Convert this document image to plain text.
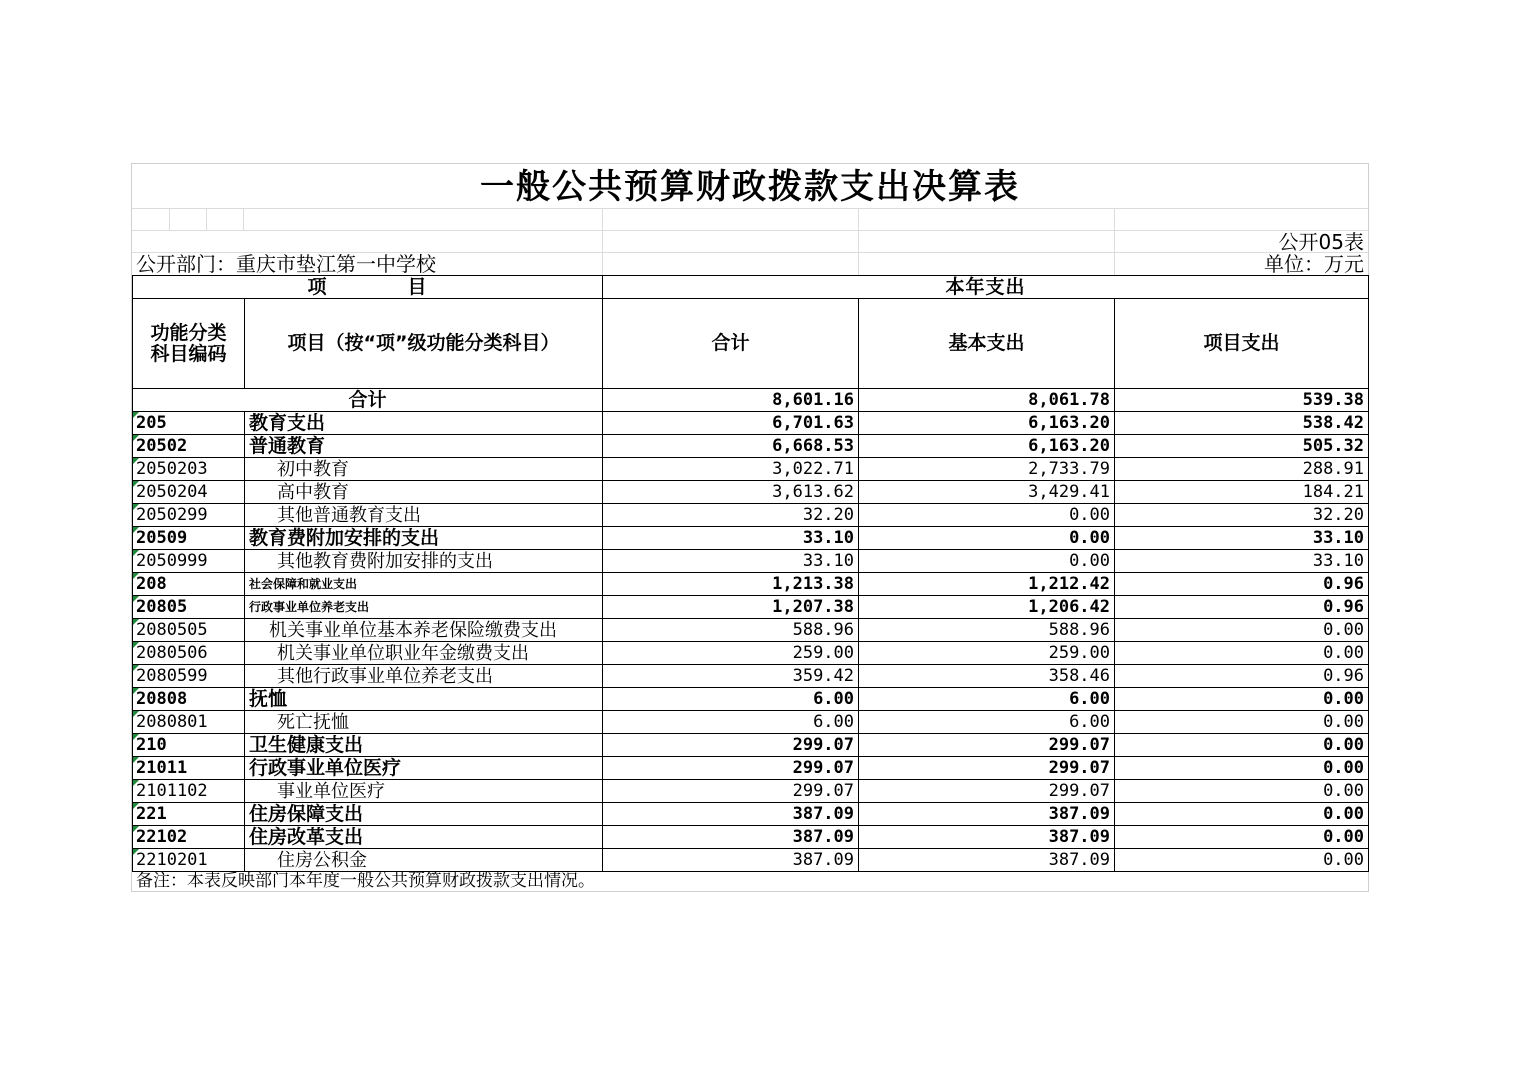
一般公共预算财政拨款支出决算表
公开05表
公开部门：重庆市垫江第一中学校	单位：万元
项　　　　目		本年支出		
功能分类科目编码	项目（按“项”级功能分类科目）	合计	基本支出	项目支出
合计		8,601.16	8,061.78	539.38
205	教育支出	6,701.63	6,163.20	538.42
20502	普通教育	6,668.53	6,163.20	505.32
2050203	初中教育	3,022.71	2,733.79	288.91
2050204	高中教育	3,613.62	3,429.41	184.21
2050299	其他普通教育支出	32.20	0.00	32.20
20509	教育费附加安排的支出	33.10	0.00	33.10
2050999	其他教育费附加安排的支出	33.10	0.00	33.10
208	社会保障和就业支出	1,213.38	1,212.42	0.96
20805	行政事业单位养老支出	1,207.38	1,206.42	0.96
2080505	机关事业单位基本养老保险缴费支出	588.96	588.96	0.00
2080506	机关事业单位职业年金缴费支出	259.00	259.00	0.00
2080599	其他行政事业单位养老支出	359.42	358.46	0.96
20808	抚恤	6.00	6.00	0.00
2080801	死亡抚恤	6.00	6.00	0.00
210	卫生健康支出	299.07	299.07	0.00
21011	行政事业单位医疗	299.07	299.07	0.00
2101102	事业单位医疗	299.07	299.07	0.00
221	住房保障支出	387.09	387.09	0.00
22102	住房改革支出	387.09	387.09	0.00
2210201	住房公积金	387.09	387.09	0.00
备注：本表反映部门本年度一般公共预算财政拨款支出情况。
